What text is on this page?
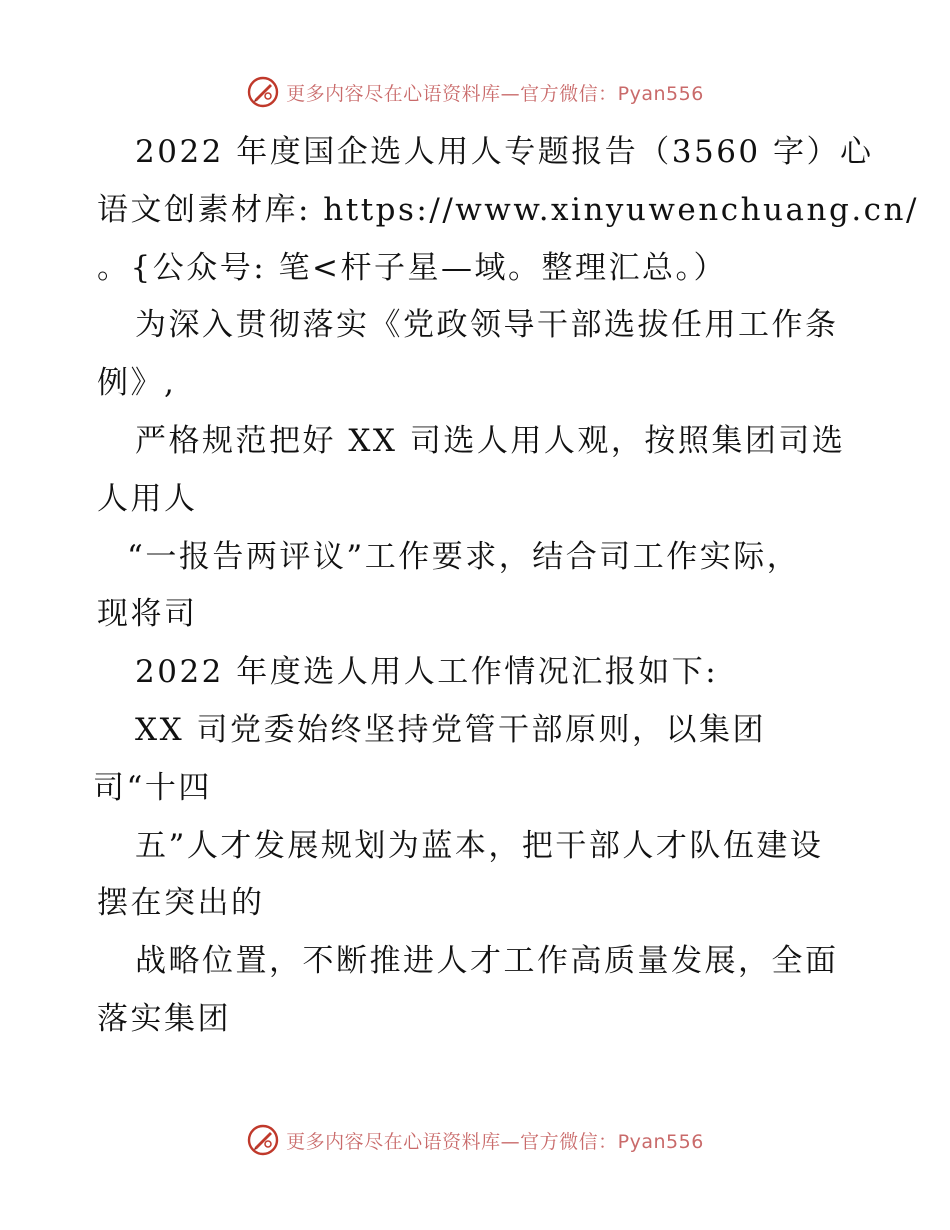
更多内容尽在心语资料库—官方微信：Pyan556
2022 年度国企选人用人专题报告（3560 字）心
语文创素材库: https://www.xinyuwenchuang.cn/
。{公众号: 笔<杆子星—域。整理汇总。）
为深入贯彻落实《党政领导干部选拔任用工作条
例》,
严格规范把好 XX 司选人用人观，按照集团司选
人用人
“一报告两评议”工作要求，结合司工作实际，
现将司
2022 年度选人用人工作情况汇报如下:
XX 司党委始终坚持党管干部原则，以集团
司“十四
五”人才发展规划为蓝本，把干部人才队伍建设
摆在突出的
战略位置，不断推进人才工作高质量发展，全面
落实集团
更多内容尽在心语资料库—官方微信：Pyan556
